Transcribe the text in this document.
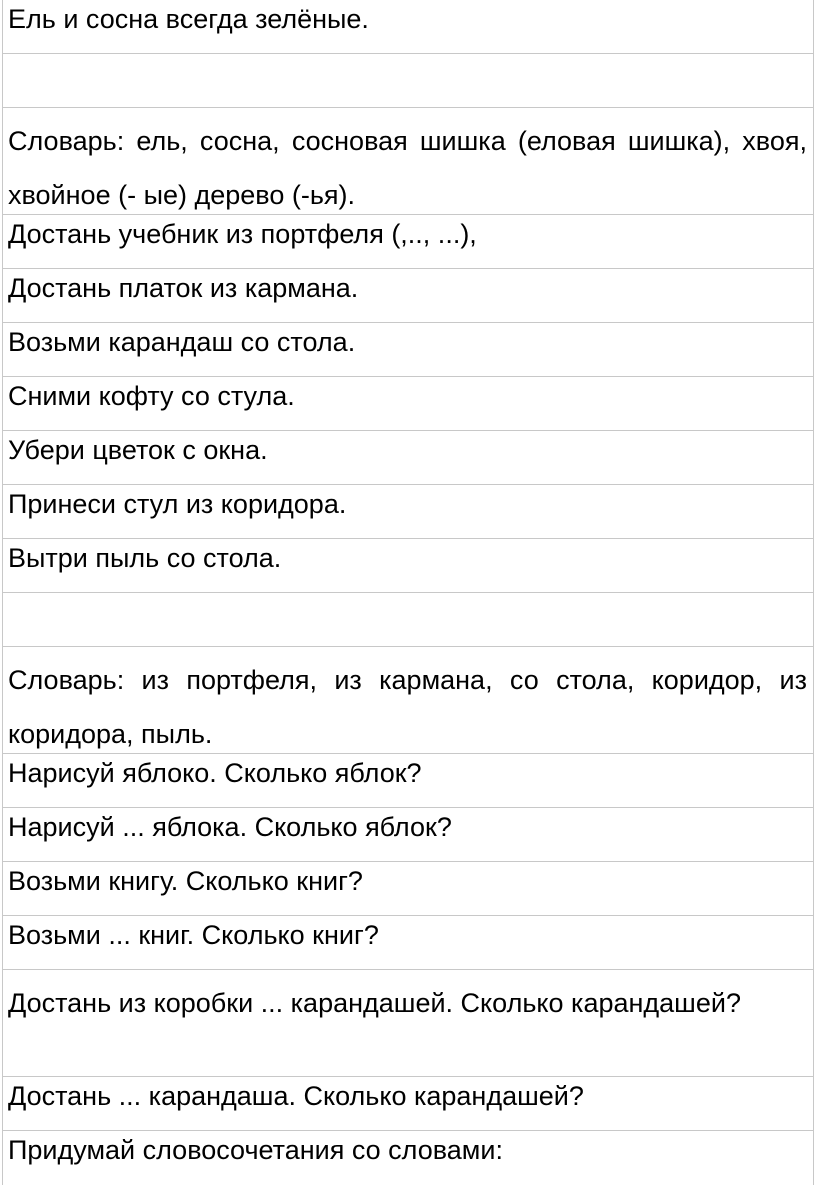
Ель и сосна всегда зелёные.
Словарь: ель, сосна, сосновая шишка (еловая шишка), хвоя, хвойное (- ые) дерево (-ья).
Достань учебник из портфеля (,.., ...),
Достань платок из кармана.
Возьми карандаш со стола.
Сними кофту со стула.
Убери цветок с окна.
Принеси стул из коридора.
Вытри пыль со стола.
Словарь: из портфеля, из кармана, со стола, коридор, из коридора, пыль.
Нарисуй яблоко. Сколько яблок?
Нарисуй ... яблока. Сколько яблок?
Возьми книгу. Сколько книг?
Возьми ... книг. Сколько книг?
Достань из коробки ... карандашей. Сколько карандашей?
Достань ... карандаша. Сколько карандашей?
Придумай словосочетания со словами:
